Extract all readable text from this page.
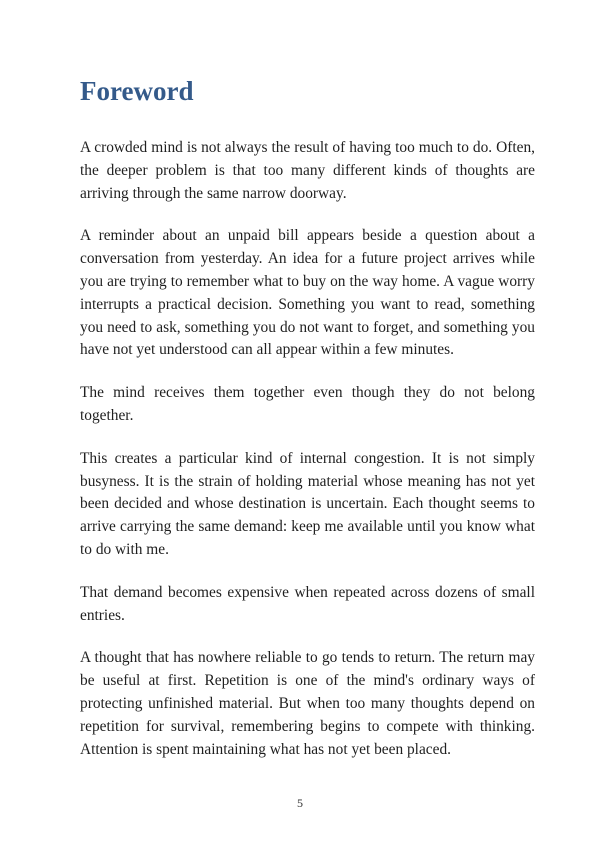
Foreword

A crowded mind is not always the result of having too much to do. Often, the deeper problem is that too many different kinds of thoughts are arriving through the same narrow doorway.

A reminder about an unpaid bill appears beside a question about a conversation from yesterday. An idea for a future project arrives while you are trying to remember what to buy on the way home. A vague worry interrupts a practical decision. Something you want to read, something you need to ask, something you do not want to forget, and something you have not yet understood can all appear within a few minutes.

The mind receives them together even though they do not belong together.

This creates a particular kind of internal congestion. It is not simply busyness. It is the strain of holding material whose meaning has not yet been decided and whose destination is uncertain. Each thought seems to arrive carrying the same demand: keep me available until you know what to do with me.

That demand becomes expensive when repeated across dozens of small entries.

A thought that has nowhere reliable to go tends to return. The return may be useful at first. Repetition is one of the mind's ordinary ways of protecting unfinished material. But when too many thoughts depend on repetition for survival, remembering begins to compete with thinking. Attention is spent maintaining what has not yet been placed.

5
